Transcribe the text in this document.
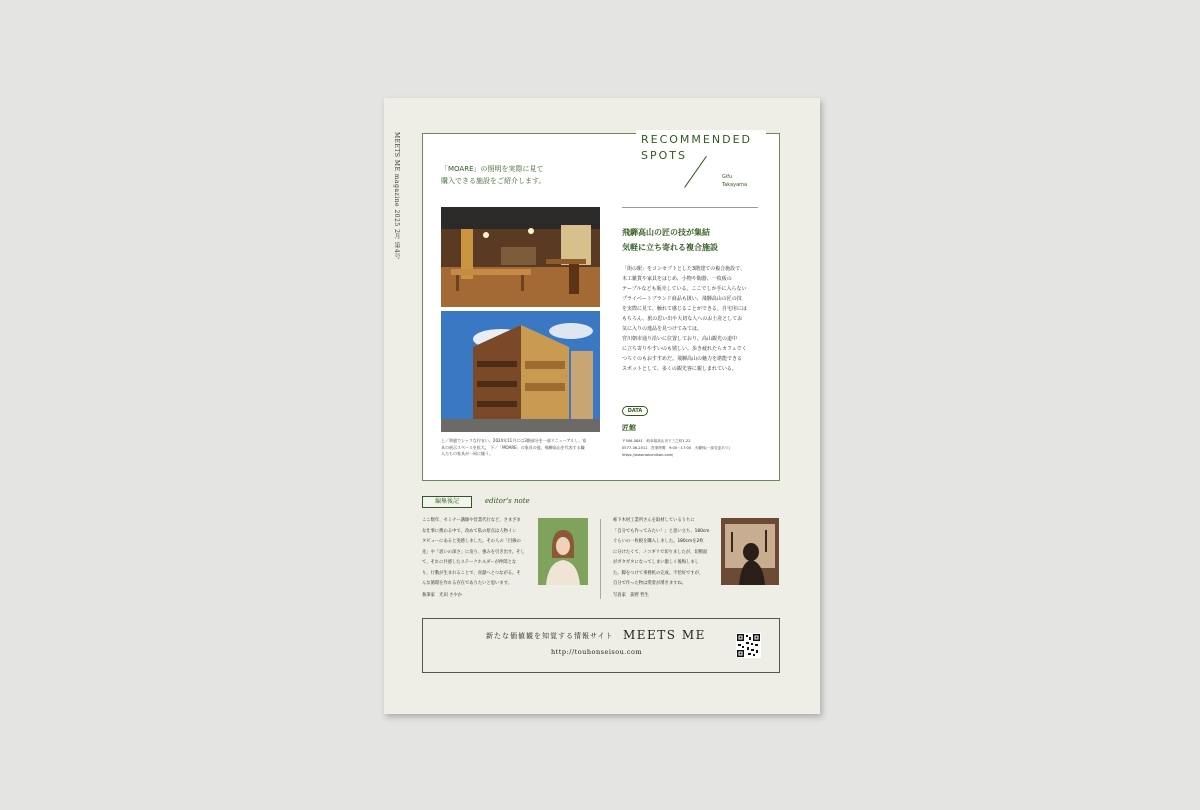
MEETS ME magazine 2025 2月 第4号	RECOMMENDED
SPOTS
Gifu
Takayama
「MOARE」の照明を実際に見て
購入できる施設をご紹介します。
上／和風でシックな佇まい。2024年11月には3階部分を一部リニューアルし、家
具の展示スペースを拡大。 下／「MOARE」の家具の他、飛騨高山を代表する職
人たちの家具が一同に揃う。
飛騨高山の匠の技が集結
気軽に立ち寄れる複合施設
「街の駅」をコンセプトとした3階建ての複合施設で、
木工雑貨や家具をはじめ、小物や陶器、一枚板の
テーブルなども販売している。ここでしか手に入らない
プライベートブランド商品も扱い、飛騨高山の匠の技
を実際に見て、触れて感じることができる。自宅用には
もちろん、旅の思い出や大切な人へのお土産としてお
気に入りの逸品を見つけてみては。
宮川朝市通り沿いに位置しており、高山観光の道中
に立ち寄りやすいのも嬉しい。歩き疲れたらカフェでく
つろぐのもおすすめだ。飛騨高山の魅力を堪能できる
スポットとして、多くの観光客に親しまれている。
DATA
匠館
〒506-0841　岐阜県高山市下三之町1-22
0577-36-2511　営業時間　9:00〜17:00　火曜休(一部変更あり)
https://www.takumikan.com/
編集後記	editor's note
ここ数年、セミナー講師や営業代行など、さまざま
な仕事に携わる中で、改めて私の原点は人物イン
タビューにあると実感しました。その人の「目線の
先」や「思いの深さ」に迫り、強みを引き出す。そし
て、それに共感したステークホルダーが仲間とな
り、行動が生まれることで、貢献へとつながる。そ
んな循環を作れる存在でありたいと思います。
執筆家　光田 さやか
柿下木材工業所さんを取材しているうちに
「自分でも作ってみたい！」と思い立ち、180cm
ぐらいの一枚板を購入しました。180cmを2枚
に分けたくて、ノコギリで切りましたが、切断面
がガタガタになってしまい激しく後悔しまし
た。脚をつけて事務机の完成。不恰好ですが、
自分で作った物は愛着が湧きますね。
写真家　荻野 哲生
新たな価値観を知覚する情報サイト MEETS ME
http://touhonseisou.com
